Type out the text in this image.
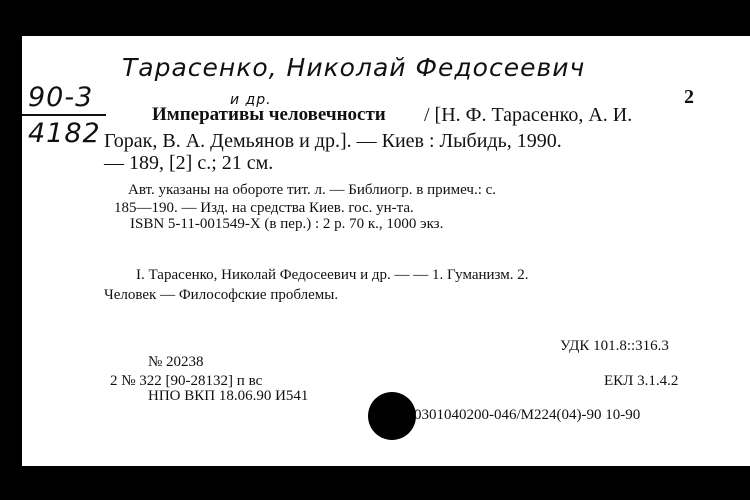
Тарасенко, Николай Федосеевич
90-3
4182
и др.	2
Императивы человечности / [Н. Ф. Тарасенко, А. И.
Горак, В. А. Демьянов и др.]. — Киев : Лыбидь, 1990.
— 189, [2] с.; 21 см.
Авт. указаны на обороте тит. л. — Библиогр. в примеч.: с.
185—190. — Изд. на средства Киев. гос. ун-та.
ISBN 5-11-001549-X (в пер.) : 2 р. 70 к., 1000 экз.
I. Тарасенко, Николай Федосеевич и др. — — 1. Гуманизм. 2.
Человек — Философские проблемы.
УДК 101.8::316.3
№ 20238
2 № 322 [90-28132] п вс	ЕКЛ 3.1.4.2
НПО ВКП 18.06.90 И541
0301040200-046/М224(04)-90 10-90
